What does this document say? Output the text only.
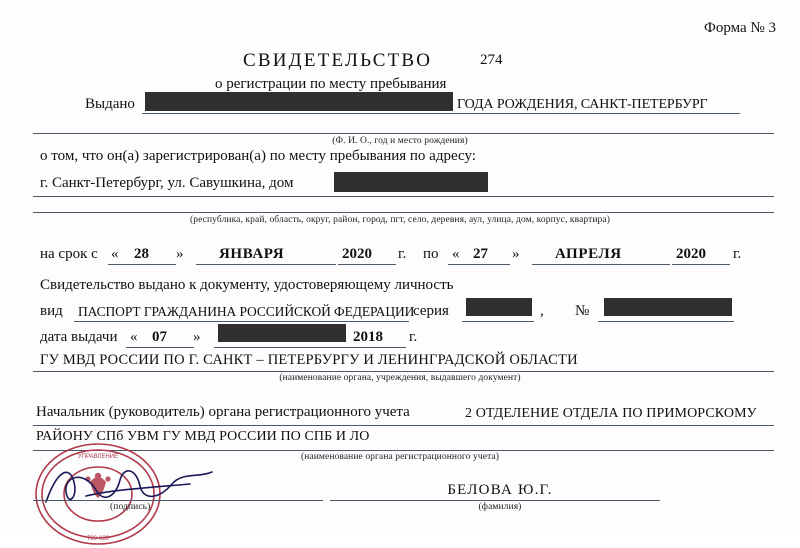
Форма № 3
СВИДЕТЕЛЬСТВО	274
о регистрации по месту пребывания
Выдано	ГОДА РОЖДЕНИЯ, САНКТ-ПЕТЕРБУРГ
(Ф. И. О., год и место рождения)
о том, что он(а) зарегистрирован(а) по месту пребывания по адресу:
г. Санкт-Петербург, ул. Савушкина, дом
(республика, край, область, округ, район, город, пгт, село, деревня, аул, улица, дом, корпус, квартира)
на срок с « 28 » ЯНВАРЯ	2020 г. по « 27 » АПРЕЛЯ	2020 г.
Свидетельство выдано к документу, удостоверяющему личность
вид ПАСПОРТ ГРАЖДАНИНА РОССИЙСКОЙ ФЕДЕРАЦИИ
серия	, №
дата выдачи « 07 »	2018 г.
ГУ МВД РОССИИ ПО Г. САНКТ – ПЕТЕРБУРГУ И ЛЕНИНГРАДСКОЙ ОБЛАСТИ
(наименование органа, учреждения, выдавшего документ)
Начальник (руководитель) органа регистрационного учета	2 ОТДЕЛЕНИЕ ОТДЕЛА ПО ПРИМОРСКОМУ
РАЙОНУ СПб УВМ ГУ МВД РОССИИ ПО СПБ И ЛО
(наименование органа регистрационного учета)
УПРАВЛЕНИЕ
780-039
(подпись)
БЕЛОВА Ю.Г.
(фамилия)
